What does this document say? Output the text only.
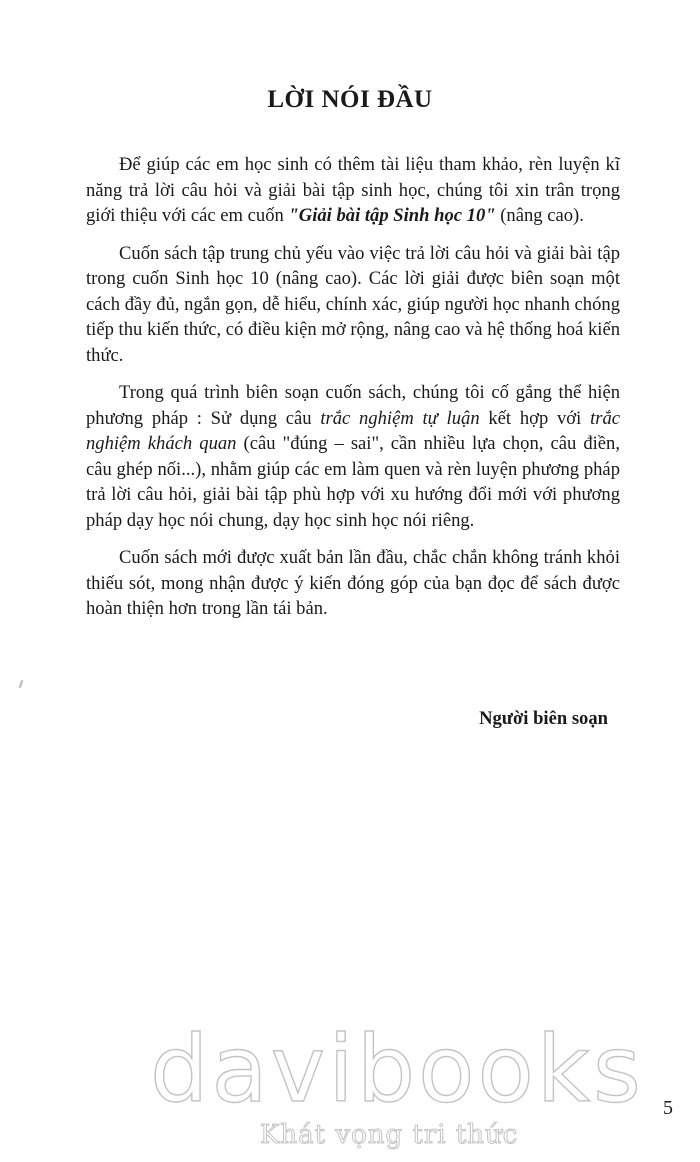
LỜI NÓI ĐẦU

Để giúp các em học sinh có thêm tài liệu tham khảo, rèn luyện kĩ năng trả lời câu hỏi và giải bài tập sinh học, chúng tôi xin trân trọng giới thiệu với các em cuốn "Giải bài tập Sinh học 10" (nâng cao).

Cuốn sách tập trung chủ yếu vào việc trả lời câu hỏi và giải bài tập trong cuốn Sinh học 10 (nâng cao). Các lời giải được biên soạn một cách đầy đủ, ngắn gọn, dễ hiểu, chính xác, giúp người học nhanh chóng tiếp thu kiến thức, có điều kiện mở rộng, nâng cao và hệ thống hoá kiến thức.

Trong quá trình biên soạn cuốn sách, chúng tôi cố gắng thể hiện phương pháp : Sử dụng câu trắc nghiệm tự luận kết hợp với trắc nghiệm khách quan (câu "đúng – sai", cần nhiều lựa chọn, câu điền, câu ghép nối...), nhằm giúp các em làm quen và rèn luyện phương pháp trả lời câu hỏi, giải bài tập phù hợp với xu hướng đổi mới với phương pháp dạy học nói chung, dạy học sinh học nói riêng.

Cuốn sách mới được xuất bản lần đầu, chắc chắn không tránh khỏi thiếu sót, mong nhận được ý kiến đóng góp của bạn đọc để sách được hoàn thiện hơn trong lần tái bản.

Người biên soạn
davibooks
Khát vọng tri thức
5
